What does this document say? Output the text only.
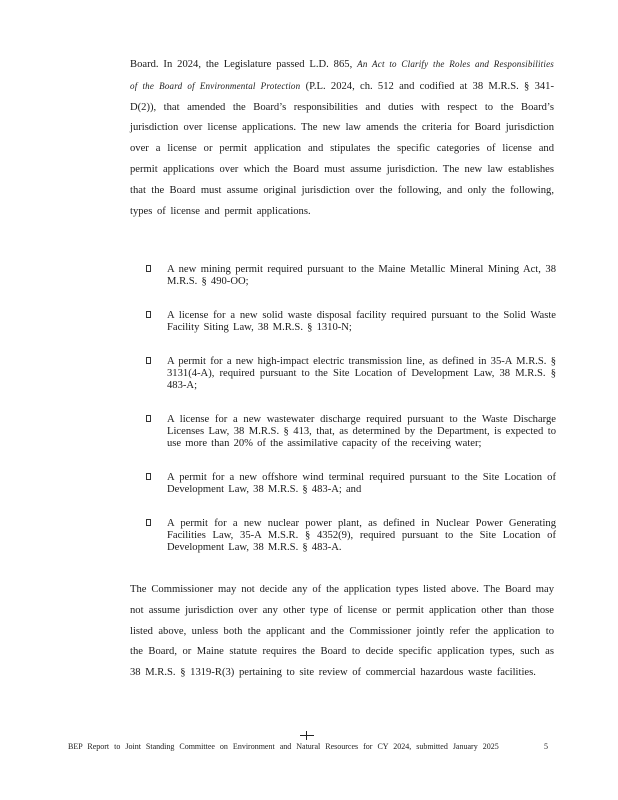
Board. In 2024, the Legislature passed L.D. 865, An Act to Clarify the Roles and Responsibilities of the Board of Environmental Protection (P.L. 2024, ch. 512 and codified at 38 M.R.S. § 341-D(2)), that amended the Board’s responsibilities and duties with respect to the Board’s jurisdiction over license applications. The new law amends the criteria for Board jurisdiction over a license or permit application and stipulates the specific categories of license and permit applications over which the Board must assume jurisdiction. The new law establishes that the Board must assume original jurisdiction over the following, and only the following, types of license and permit applications.

A new mining permit required pursuant to the Maine Metallic Mineral Mining Act, 38 M.R.S. § 490-OO;
A license for a new solid waste disposal facility required pursuant to the Solid Waste Facility Siting Law, 38 M.R.S. § 1310-N;
A permit for a new high-impact electric transmission line, as defined in 35-A M.R.S. § 3131(4-A), required pursuant to the Site Location of Development Law, 38 M.R.S. § 483-A;
A license for a new wastewater discharge required pursuant to the Waste Discharge Licenses Law, 38 M.R.S. § 413, that, as determined by the Department, is expected to use more than 20% of the assimilative capacity of the receiving water;
A permit for a new offshore wind terminal required pursuant to the Site Location of Development Law, 38 M.R.S. § 483-A; and
A permit for a new nuclear power plant, as defined in Nuclear Power Generating Facilities Law, 35-A M.S.R. § 4352(9), required pursuant to the Site Location of Development Law, 38 M.R.S. § 483-A.

The Commissioner may not decide any of the application types listed above. The Board may not assume jurisdiction over any other type of license or permit application other than those listed above, unless both the applicant and the Commissioner jointly refer the application to the Board, or Maine statute requires the Board to decide specific application types, such as 38 M.R.S. § 1319-R(3) pertaining to site review of commercial hazardous waste facilities.

BEP Report to Joint Standing Committee on Environment and Natural Resources for CY 2024, submitted January 2025	5
